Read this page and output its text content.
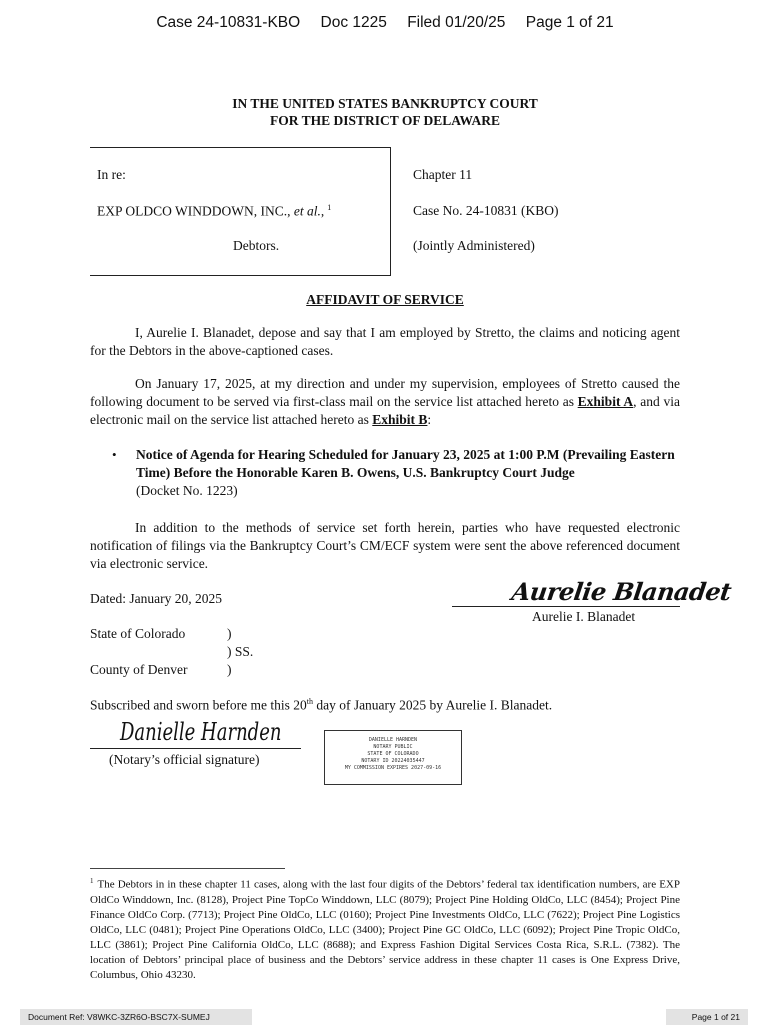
Case 24-10831-KBO Doc 1225 Filed 01/20/25 Page 1 of 21
IN THE UNITED STATES BANKRUPTCY COURT
FOR THE DISTRICT OF DELAWARE
In re:
EXP OLDCO WINDDOWN, INC., et al., $^1$
Debtors.
Chapter 11
Case No. 24-10831 (KBO)
(Jointly Administered)
AFFIDAVIT OF SERVICE
I, Aurelie I. Blanadet, depose and say that I am employed by Stretto, the claims and noticing agent for the Debtors in the above-captioned cases.
On January 17, 2025, at my direction and under my supervision, employees of Stretto caused the following document to be served via first-class mail on the service list attached hereto as Exhibit A, and via electronic mail on the service list attached hereto as Exhibit B:
• Notice of Agenda for Hearing Scheduled for January 23, 2025 at 1:00 P.M (Prevailing Eastern Time) Before the Honorable Karen B. Owens, U.S. Bankruptcy Court Judge
(Docket No. 1223)
In addition to the methods of service set forth herein, parties who have requested electronic notification of filings via the Bankruptcy Court’s CM/ECF system were sent the above referenced document via electronic service.
Dated: January 20, 2025	Aurelie Blanadet
Aurelie I. Blanadet
State of Colorado	)
) SS.
County of Denver	)
Subscribed and sworn before me this 20th day of January 2025 by Aurelie I. Blanadet.
Danielle Harnden
(Notary’s official signature)
DANIELLE HARNDEN
NOTARY PUBLIC
STATE OF COLORADO
NOTARY ID 20224035447
MY COMMISSION EXPIRES 2027-09-16
$^1$ The Debtors in in these chapter 11 cases, along with the last four digits of the Debtors’ federal tax identification numbers, are EXP OldCo Winddown, Inc. (8128), Project Pine TopCo Winddown, LLC (8079); Project Pine Holding OldCo, LLC (8454); Project Pine Finance OldCo Corp. (7713); Project Pine OldCo, LLC (0160); Project Pine Investments OldCo, LLC (7622); Project Pine Logistics OldCo, LLC (0481); Project Pine Operations OldCo, LLC (3400); Project Pine GC OldCo, LLC (6092); Project Pine Tropic OldCo, LLC (3861); Project Pine California OldCo, LLC (8688); and Express Fashion Digital Services Costa Rica, S.R.L. (7382). The location of Debtors’ principal place of business and the Debtors’ service address in these chapter 11 cases is One Express Drive, Columbus, Ohio 43230.
Document Ref: V8WKC-3ZR6O-BSC7X-SUMEJ	Page 1 of 21
